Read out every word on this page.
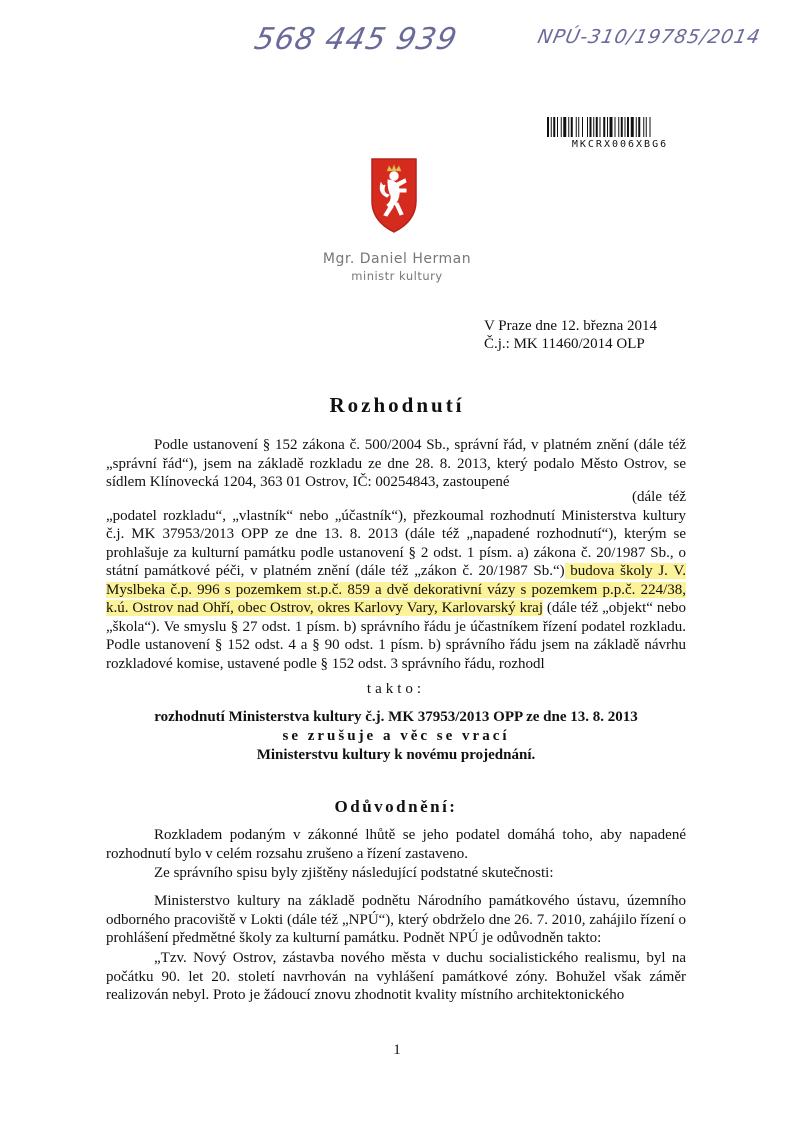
568 445 939	NPÚ-310/19785/2014
MKCRX006XBG6
Mgr. Daniel Herman
ministr kultury
V Praze dne 12. března 2014
Č.j.: MK 11460/2014 OLP
Rozhodnutí
Podle ustanovení § 152 zákona č. 500/2004 Sb., správní řád, v platném znění (dále též „správní řád“), jsem na základě rozkladu ze dne 28. 8. 2013, který podalo Město Ostrov, se sídlem Klínovecká 1204, 363 01 Ostrov, IČ: 00254843, zastoupené
(dále též „podatel rozkladu“, „vlastník“ nebo „účastník“), přezkoumal rozhodnutí Ministerstva kultury č.j. MK 37953/2013 OPP ze dne 13. 8. 2013 (dále též „napadené rozhodnutí“), kterým se prohlašuje za kulturní památku podle ustanovení § 2 odst. 1 písm. a) zákona č. 20/1987 Sb., o státní památkové péči, v platném znění (dále též „zákon č. 20/1987 Sb.“) budova školy J. V. Myslbeka č.p. 996 s pozemkem st.p.č. 859 a dvě dekorativní vázy s pozemkem p.p.č. 224/38, k.ú. Ostrov nad Ohří, obec Ostrov, okres Karlovy Vary, Karlovarský kraj (dále též „objekt“ nebo „škola“). Ve smyslu § 27 odst. 1 písm. b) správního řádu je účastníkem řízení podatel rozkladu. Podle ustanovení § 152 odst. 4 a § 90 odst. 1 písm. b) správního řádu jsem na základě návrhu rozkladové komise, ustavené podle § 152 odst. 3 správního řádu, rozhodl
takto:
rozhodnutí Ministerstva kultury č.j. MK 37953/2013 OPP ze dne 13. 8. 2013
se zrušuje a věc se vrací
Ministerstvu kultury k novému projednání.
Odůvodnění:
Rozkladem podaným v zákonné lhůtě se jeho podatel domáhá toho, aby napadené rozhodnutí bylo v celém rozsahu zrušeno a řízení zastaveno.
Ze správního spisu byly zjištěny následující podstatné skutečnosti:
Ministerstvo kultury na základě podnětu Národního památkového ústavu, územního odborného pracoviště v Lokti (dále též „NPÚ“), který obdrželo dne 26. 7. 2010, zahájilo řízení o prohlášení předmětné školy za kulturní památku. Podnět NPÚ je odůvodněn takto:
„Tzv. Nový Ostrov, zástavba nového města v duchu socialistického realismu, byl na počátku 90. let 20. století navrhován na vyhlášení památkové zóny. Bohužel však záměr realizován nebyl. Proto je žádoucí znovu zhodnotit kvality místního architektonického
1
